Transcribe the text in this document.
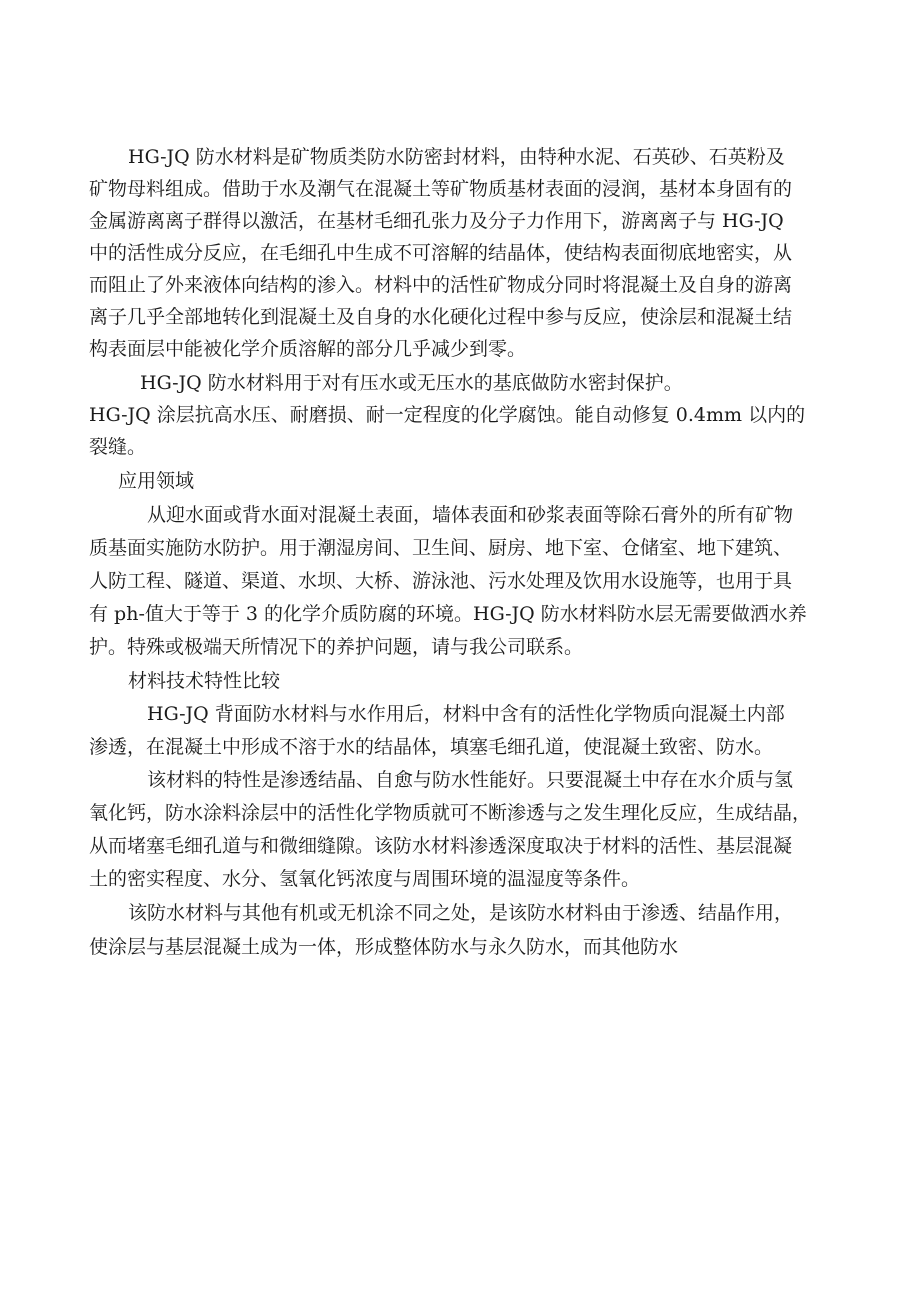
HG-JQ 防水材料是矿物质类防水防密封材料，由特种水泥、石英砂、石英粉及

矿物母料组成。借助于水及潮气在混凝土等矿物质基材表面的浸润，基材本身固有的

金属游离离子群得以激活，在基材毛细孔张力及分子力作用下，游离离子与 HG-JQ

中的活性成分反应，在毛细孔中生成不可溶解的结晶体，使结构表面彻底地密实，从

而阻止了外来液体向结构的渗入。材料中的活性矿物成分同时将混凝土及自身的游离

离子几乎全部地转化到混凝土及自身的水化硬化过程中参与反应，使涂层和混凝土结

构表面层中能被化学介质溶解的部分几乎减少到零。

HG-JQ 防水材料用于对有压水或无压水的基底做防水密封保护。

HG-JQ 涂层抗高水压、耐磨损、耐一定程度的化学腐蚀。能自动修复 0.4mm 以内的

裂缝。

应用领域

从迎水面或背水面对混凝土表面，墙体表面和砂浆表面等除石膏外的所有矿物

质基面实施防水防护。用于潮湿房间、卫生间、厨房、地下室、仓储室、地下建筑、

人防工程、隧道、渠道、水坝、大桥、游泳池、污水处理及饮用水设施等，也用于具

有 ph-值大于等于 3 的化学介质防腐的环境。HG-JQ 防水材料防水层无需要做洒水养

护。特殊或极端天所情况下的养护问题，请与我公司联系。

材料技术特性比较

HG-JQ 背面防水材料与水作用后，材料中含有的活性化学物质向混凝土内部

渗透，在混凝土中形成不溶于水的结晶体，填塞毛细孔道，使混凝土致密、防水。

该材料的特性是渗透结晶、自愈与防水性能好。只要混凝土中存在水介质与氢

氧化钙，防水涂料涂层中的活性化学物质就可不断渗透与之发生理化反应，生成结晶，

从而堵塞毛细孔道与和微细缝隙。该防水材料渗透深度取决于材料的活性、基层混凝

土的密实程度、水分、氢氧化钙浓度与周围环境的温湿度等条件。

该防水材料与其他有机或无机涂不同之处，是该防水材料由于渗透、结晶作用，

使涂层与基层混凝土成为一体，形成整体防水与永久防水，而其他防水
